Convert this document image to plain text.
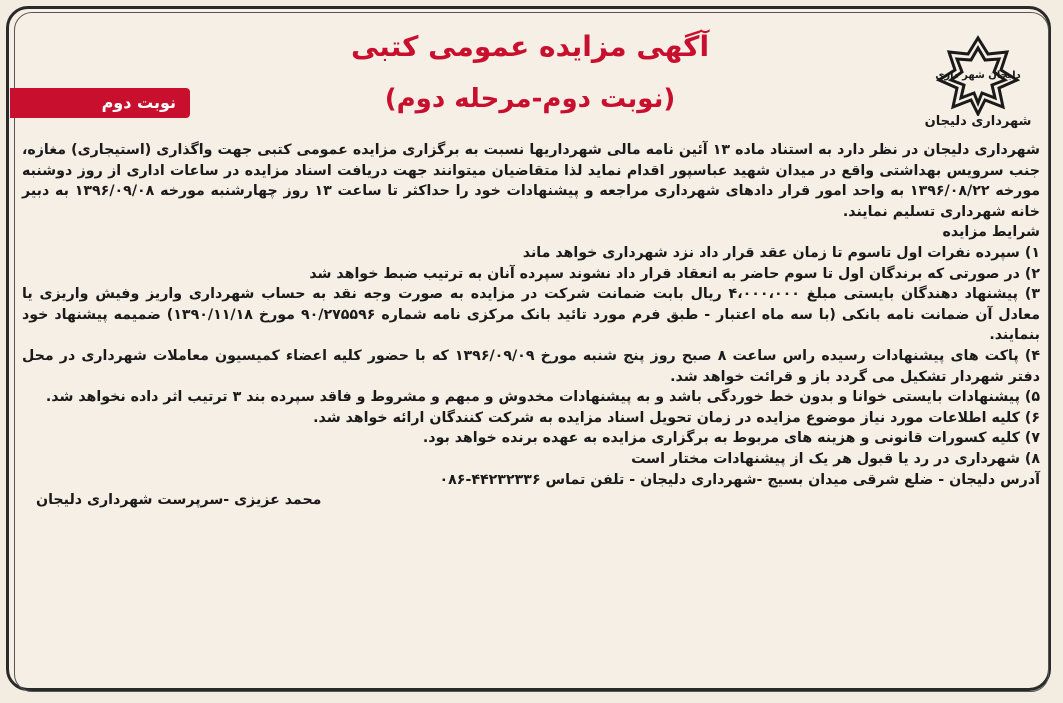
دلیجان شهر داری
شهرداری دلیجان
آگهی مزایده عمومی کتبی
(نوبت دوم-مرحله دوم)
نوبت دوم

شهرداری دلیجان در نظر دارد به استناد ماده ۱۳ آئین نامه مالی شهرداریها نسبت به برگزاری مزایده عمومی کتبی جهت واگذاری (استیجاری) مغازه، جنب سرویس بهداشتی واقع در میدان شهید عباسپور اقدام نماید لذا متقاضیان میتوانند جهت دریافت اسناد مزایده در ساعات اداری از روز دوشنبه مورخه ۱۳۹۶/۰۸/۲۲ به واحد امور قرار دادهای شهرداری مراجعه و پیشنهادات خود را حداکثر تا ساعت ۱۳ روز چهارشنبه مورخه ۱۳۹۶/۰۹/۰۸ به دبیر خانه شهرداری تسلیم نمایند.

شرایط مزایده

۱) سپرده نفرات اول تاسوم تا زمان عقد قرار داد نزد شهرداری خواهد ماند

۲) در صورتی که برندگان اول تا سوم حاضر به انعقاد قرار داد نشوند سپرده آنان به ترتیب ضبط خواهد شد

۳) پیشنهاد دهندگان بایستی مبلغ ۴،۰۰۰،۰۰۰ ریال بابت ضمانت شرکت در مزایده به صورت وجه نقد به حساب شهرداری واریز وفیش واریزی یا معادل آن ضمانت نامه بانکی (با سه ماه اعتبار - طبق فرم مورد تائید بانک مرکزی نامه شماره ۹۰/۲۷۵۵۹۶ مورخ ۱۳۹۰/۱۱/۱۸) ضمیمه پیشنهاد خود بنمایند.

۴) پاکت های پیشنهادات رسیده راس ساعت ۸ صبح روز پنج شنبه مورخ ۱۳۹۶/۰۹/۰۹ که با حضور کلیه اعضاء کمیسیون معاملات شهرداری در محل دفتر شهردار تشکیل می گردد باز و قرائت خواهد شد.

۵) پیشنهادات بایستی خوانا و بدون خط خوردگی باشد و به پیشنهادات مخدوش و مبهم و مشروط و فاقد سپرده بند ۳ ترتیب اثر داده نخواهد شد.

۶) کلیه اطلاعات مورد نیاز موضوع مزایده در زمان تحویل اسناد مزایده به شرکت کنندگان ارائه خواهد شد.

۷) کلیه کسورات قانونی و هزینه های مربوط به برگزاری مزایده به عهده برنده خواهد بود.

۸) شهرداری در رد یا قبول هر یک از پیشنهادات مختار است

آدرس دلیجان - ضلع شرقی میدان بسیج -شهرداری دلیجان - تلفن تماس ۴۴۲۳۲۳۳۶-۰۸۶

محمد عزیزی -سرپرست شهرداری دلیجان
